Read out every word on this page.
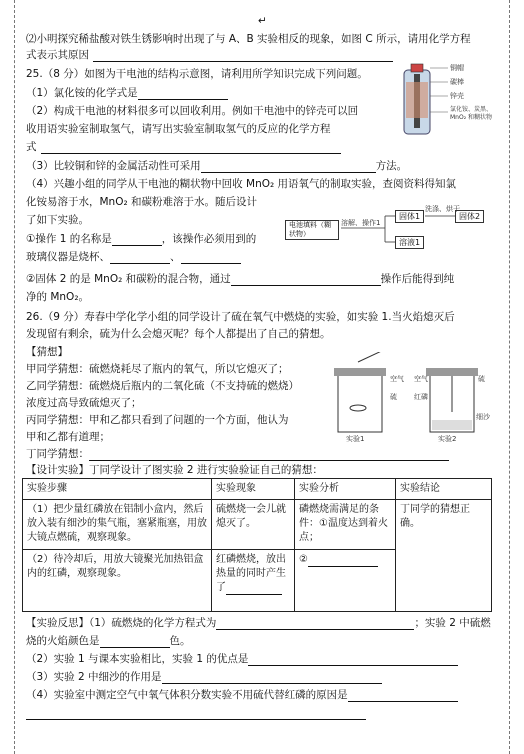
↵
⑵小明探究稀盐酸对铁生锈影响时出现了与 A、B 实验相反的现象，如图 C 所示，请用化学方程
式表示其原因
25.（8 分）如图为干电池的结构示意图，请利用所学知识完成下列问题。
（1）氯化铵的化学式是
（2）构成干电池的材料很多可以回收利用。例如干电池中的锌壳可以回
收用语实验室制取氢气，请写出实验室制取氢气的反应的化学方程
式
（3）比较铜和锌的金属活动性可采用	方法。
（4）兴趣小组的同学从干电池的糊状物中回收 MnO₂ 用语氧气的制取实验，查阅资料得知氯
化铵易溶于水，MnO₂ 和碳粉难溶于水。随后设计
了如下实验。
①操作 1 的名称是	，该操作必须用到的
玻璃仪器是烧杯、	、
②固体 2 的是 MnO₂ 和碳粉的混合物，通过	操作后能得到纯
净的 MnO₂。
铜帽
碳棒
锌壳
氯化铵、炭黑、MnO₂ 和糊状物
电池填料（糊状物）
溶解、操作1
固体1
洗涤、烘干
固体2
溶液1
26.（9 分）寿春中学化学小组的同学设计了硫在氧气中燃烧的实验，如实验 1.当火焰熄灭后
发现留有剩余，硫为什么会熄灭呢？每个人都提出了自己的猜想。
【猜想】
甲同学猜想：硫燃烧耗尽了瓶内的氧气，所以它熄灭了；
乙同学猜想：硫燃烧后瓶内的二氧化硫（不支持硫的燃烧）
浓度过高导致硫熄灭了；
丙同学猜想：甲和乙都只看到了问题的一个方面，他认为
甲和乙都有道理；
丁同学猜想：
【设计实验】丁同学设计了图实验 2 进行实验验证自己的猜想：
空气
硫
空气	硫
红磷
细沙
实验1	实验2
实验步骤	实验现象	实验分析	实验结论
（1）把少量红磷放在铝制小盒内，然后放入装有细沙的集气瓶，塞紧瓶塞，用放大镜点燃硫，观察现象。	硫燃烧一会儿就熄灭了。	磷燃烧需满足的条件：①温度达到着火点；	丁同学的猜想正确。
（2）待冷却后，用放大镜聚光加热铝盒内的红磷，观察现象。	红磷燃烧，放出热量的同时产生了	②	
【实验反思】（1）硫燃烧的化学方程式为	；实验 2 中硫燃
烧的火焰颜色是	色。
（2）实验 1 与课本实验相比，实验 1 的优点是
（3）实验 2 中细沙的作用是
（4）实验室中测定空气中氧气体积分数实验不用硫代替红磷的原因是
